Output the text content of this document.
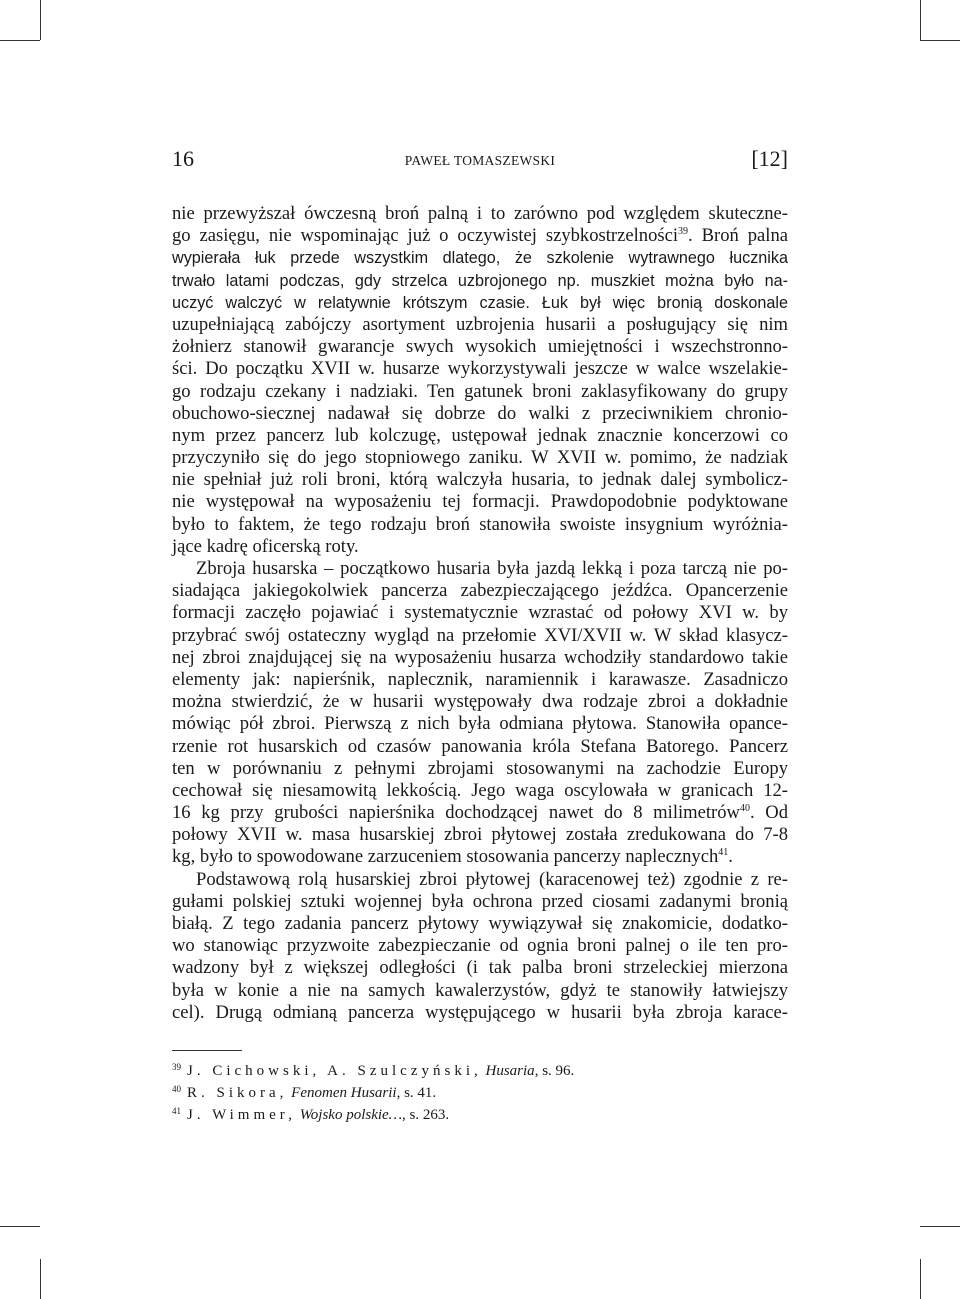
16	PAWEŁ TOMASZEWSKI	[12]
nie przewyższał ówczesną broń palną i to zarówno pod względem skuteczne-
go zasięgu, nie wspominając już o oczywistej szybkostrzelności$^{39}$. Broń palna
wypierała łuk przede wszystkim dlatego, że szkolenie wytrawnego łucznika
trwało latami podczas, gdy strzelca uzbrojonego np. muszkiet można było na-
uczyć walczyć w relatywnie krótszym czasie. Łuk był więc bronią doskonale
uzupełniającą zabójczy asortyment uzbrojenia husarii a posługujący się nim
żołnierz stanowił gwarancje swych wysokich umiejętności i wszechstronno-
ści. Do początku XVII w. husarze wykorzystywali jeszcze w walce wszelakie-
go rodzaju czekany i nadziaki. Ten gatunek broni zaklasyfikowany do grupy
obuchowo-siecznej nadawał się dobrze do walki z przeciwnikiem chronio-
nym przez pancerz lub kolczugę, ustępował jednak znacznie koncerzowi co
przyczyniło się do jego stopniowego zaniku. W XVII w. pomimo, że nadziak
nie spełniał już roli broni, którą walczyła husaria, to jednak dalej symbolicz-
nie występował na wyposażeniu tej formacji. Prawdopodobnie podyktowane
było to faktem, że tego rodzaju broń stanowiła swoiste insygnium wyróżnia-
jące kadrę oficerską roty.
Zbroja husarska – początkowo husaria była jazdą lekką i poza tarczą nie po-
siadająca jakiegokolwiek pancerza zabezpieczającego jeźdźca. Opancerzenie
formacji zaczęło pojawiać i systematycznie wzrastać od połowy XVI w. by
przybrać swój ostateczny wygląd na przełomie XVI/XVII w. W skład klasycz-
nej zbroi znajdującej się na wyposażeniu husarza wchodziły standardowo takie
elementy jak: napierśnik, naplecznik, naramiennik i karawasze. Zasadniczo
można stwierdzić, że w husarii występowały dwa rodzaje zbroi a dokładnie
mówiąc pół zbroi. Pierwszą z nich była odmiana płytowa. Stanowiła opance-
rzenie rot husarskich od czasów panowania króla Stefana Batorego. Pancerz
ten w porównaniu z pełnymi zbrojami stosowanymi na zachodzie Europy
cechował się niesamowitą lekkością. Jego waga oscylowała w granicach 12-
16 kg przy grubości napierśnika dochodzącej nawet do 8 milimetrów$^{40}$. Od
połowy XVII w. masa husarskiej zbroi płytowej została zredukowana do 7-8
kg, było to spowodowane zarzuceniem stosowania pancerzy naplecznych$^{41}$.
Podstawową rolą husarskiej zbroi płytowej (karacenowej też) zgodnie z re-
gułami polskiej sztuki wojennej była ochrona przed ciosami zadanymi bronią
białą. Z tego zadania pancerz płytowy wywiązywał się znakomicie, dodatko-
wo stanowiąc przyzwoite zabezpieczanie od ognia broni palnej o ile ten pro-
wadzony był z większej odległości (i tak palba broni strzeleckiej mierzona
była w konie a nie na samych kawalerzystów, gdyż te stanowiły łatwiejszy
cel). Drugą odmianą pancerza występującego w husarii była zbroja karace-
$^{39}$ J. Cichowski, A. Szulczyński, Husaria, s. 96.
$^{40}$ R. Sikora, Fenomen Husarii, s. 41.
$^{41}$ J. Wimmer, Wojsko polskie…, s. 263.
